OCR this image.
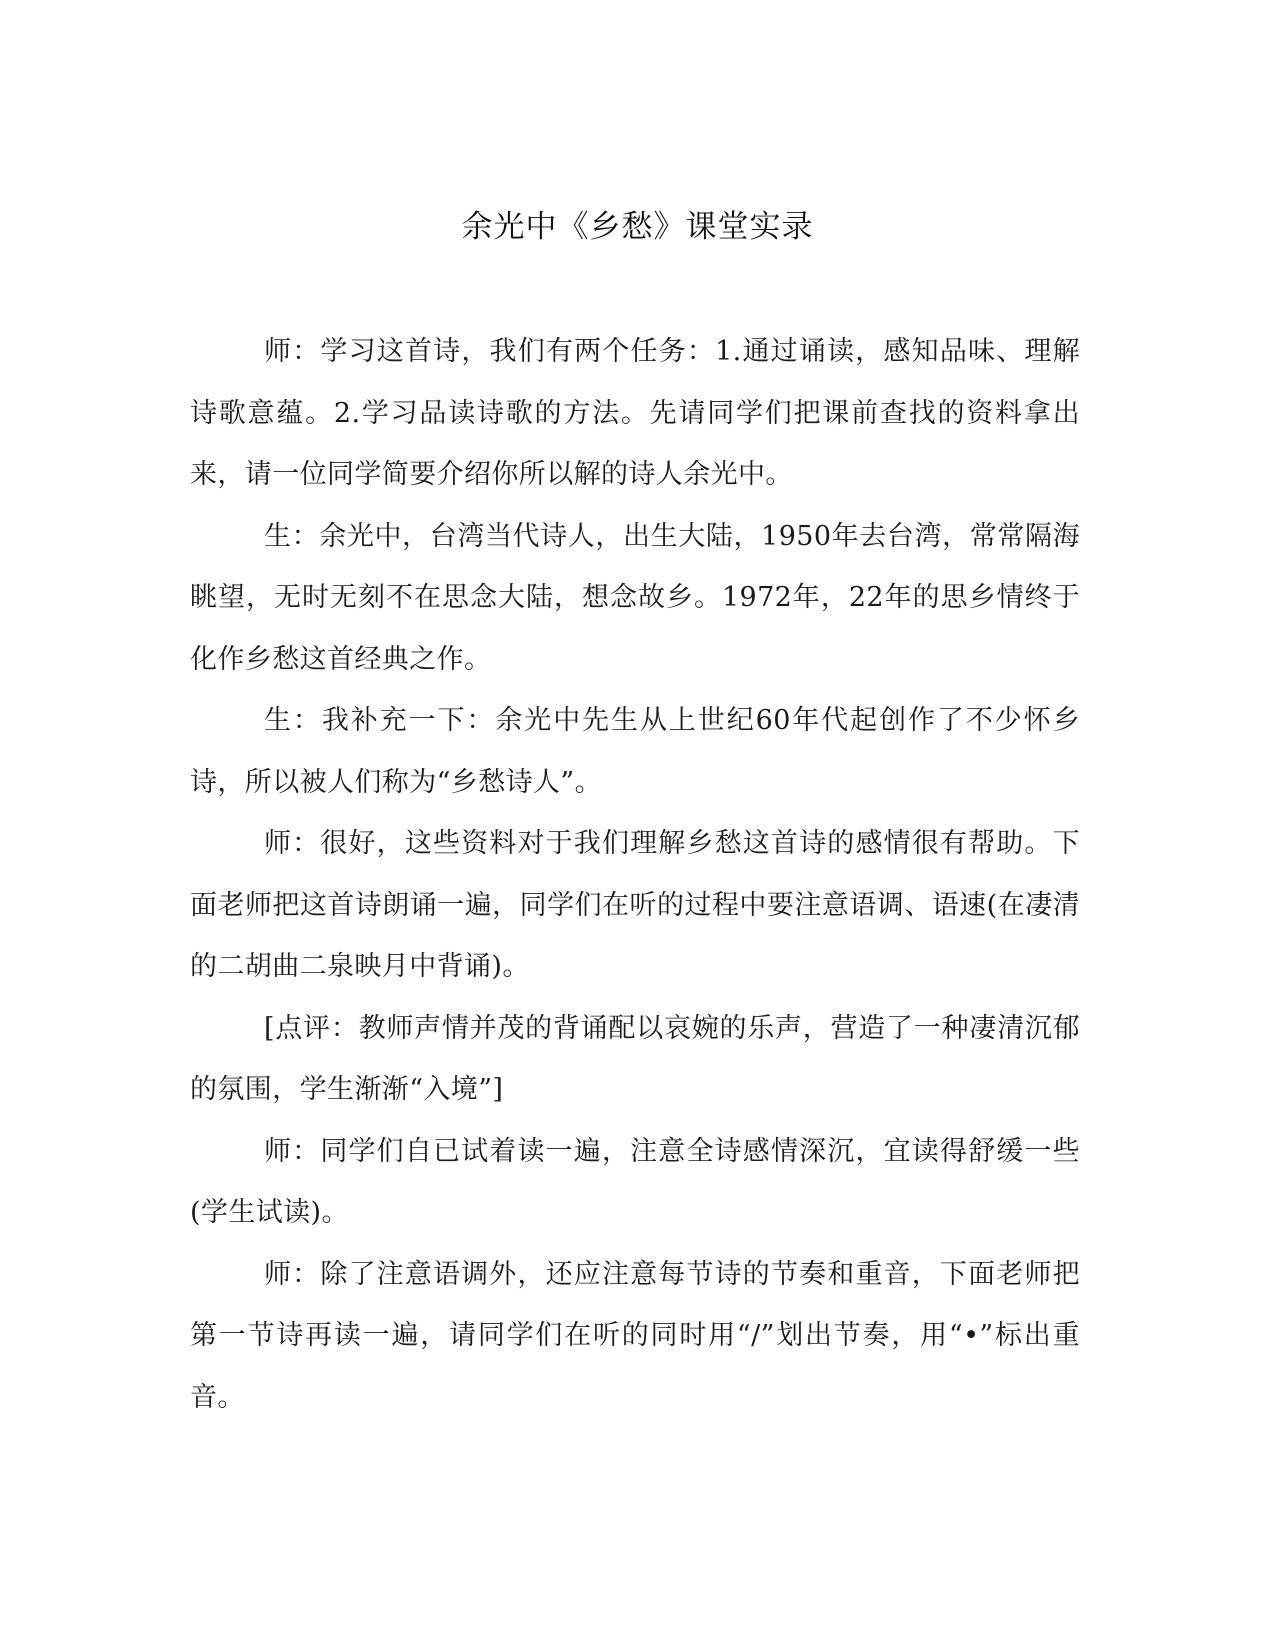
余光中《乡愁》课堂实录

师：学习这首诗，我们有两个任务：1.通过诵读，感知品味、理解诗歌意蕴。2.学习品读诗歌的方法。先请同学们把课前查找的资料拿出来，请一位同学简要介绍你所以解的诗人余光中。

生：余光中，台湾当代诗人，出生大陆，1950年去台湾，常常隔海眺望，无时无刻不在思念大陆，想念故乡。1972年，22年的思乡情终于化作乡愁这首经典之作。

生：我补充一下：余光中先生从上世纪60年代起创作了不少怀乡诗，所以被人们称为“乡愁诗人”。

师：很好，这些资料对于我们理解乡愁这首诗的感情很有帮助。下面老师把这首诗朗诵一遍，同学们在听的过程中要注意语调、语速(在凄清的二胡曲二泉映月中背诵)。

[点评：教师声情并茂的背诵配以哀婉的乐声，营造了一种凄清沉郁的氛围，学生渐渐“入境”]

师：同学们自已试着读一遍，注意全诗感情深沉，宜读得舒缓一些(学生试读)。

师：除了注意语调外，还应注意每节诗的节奏和重音，下面老师把第一节诗再读一遍，请同学们在听的同时用“/”划出节奏，用“•”标出重音。
